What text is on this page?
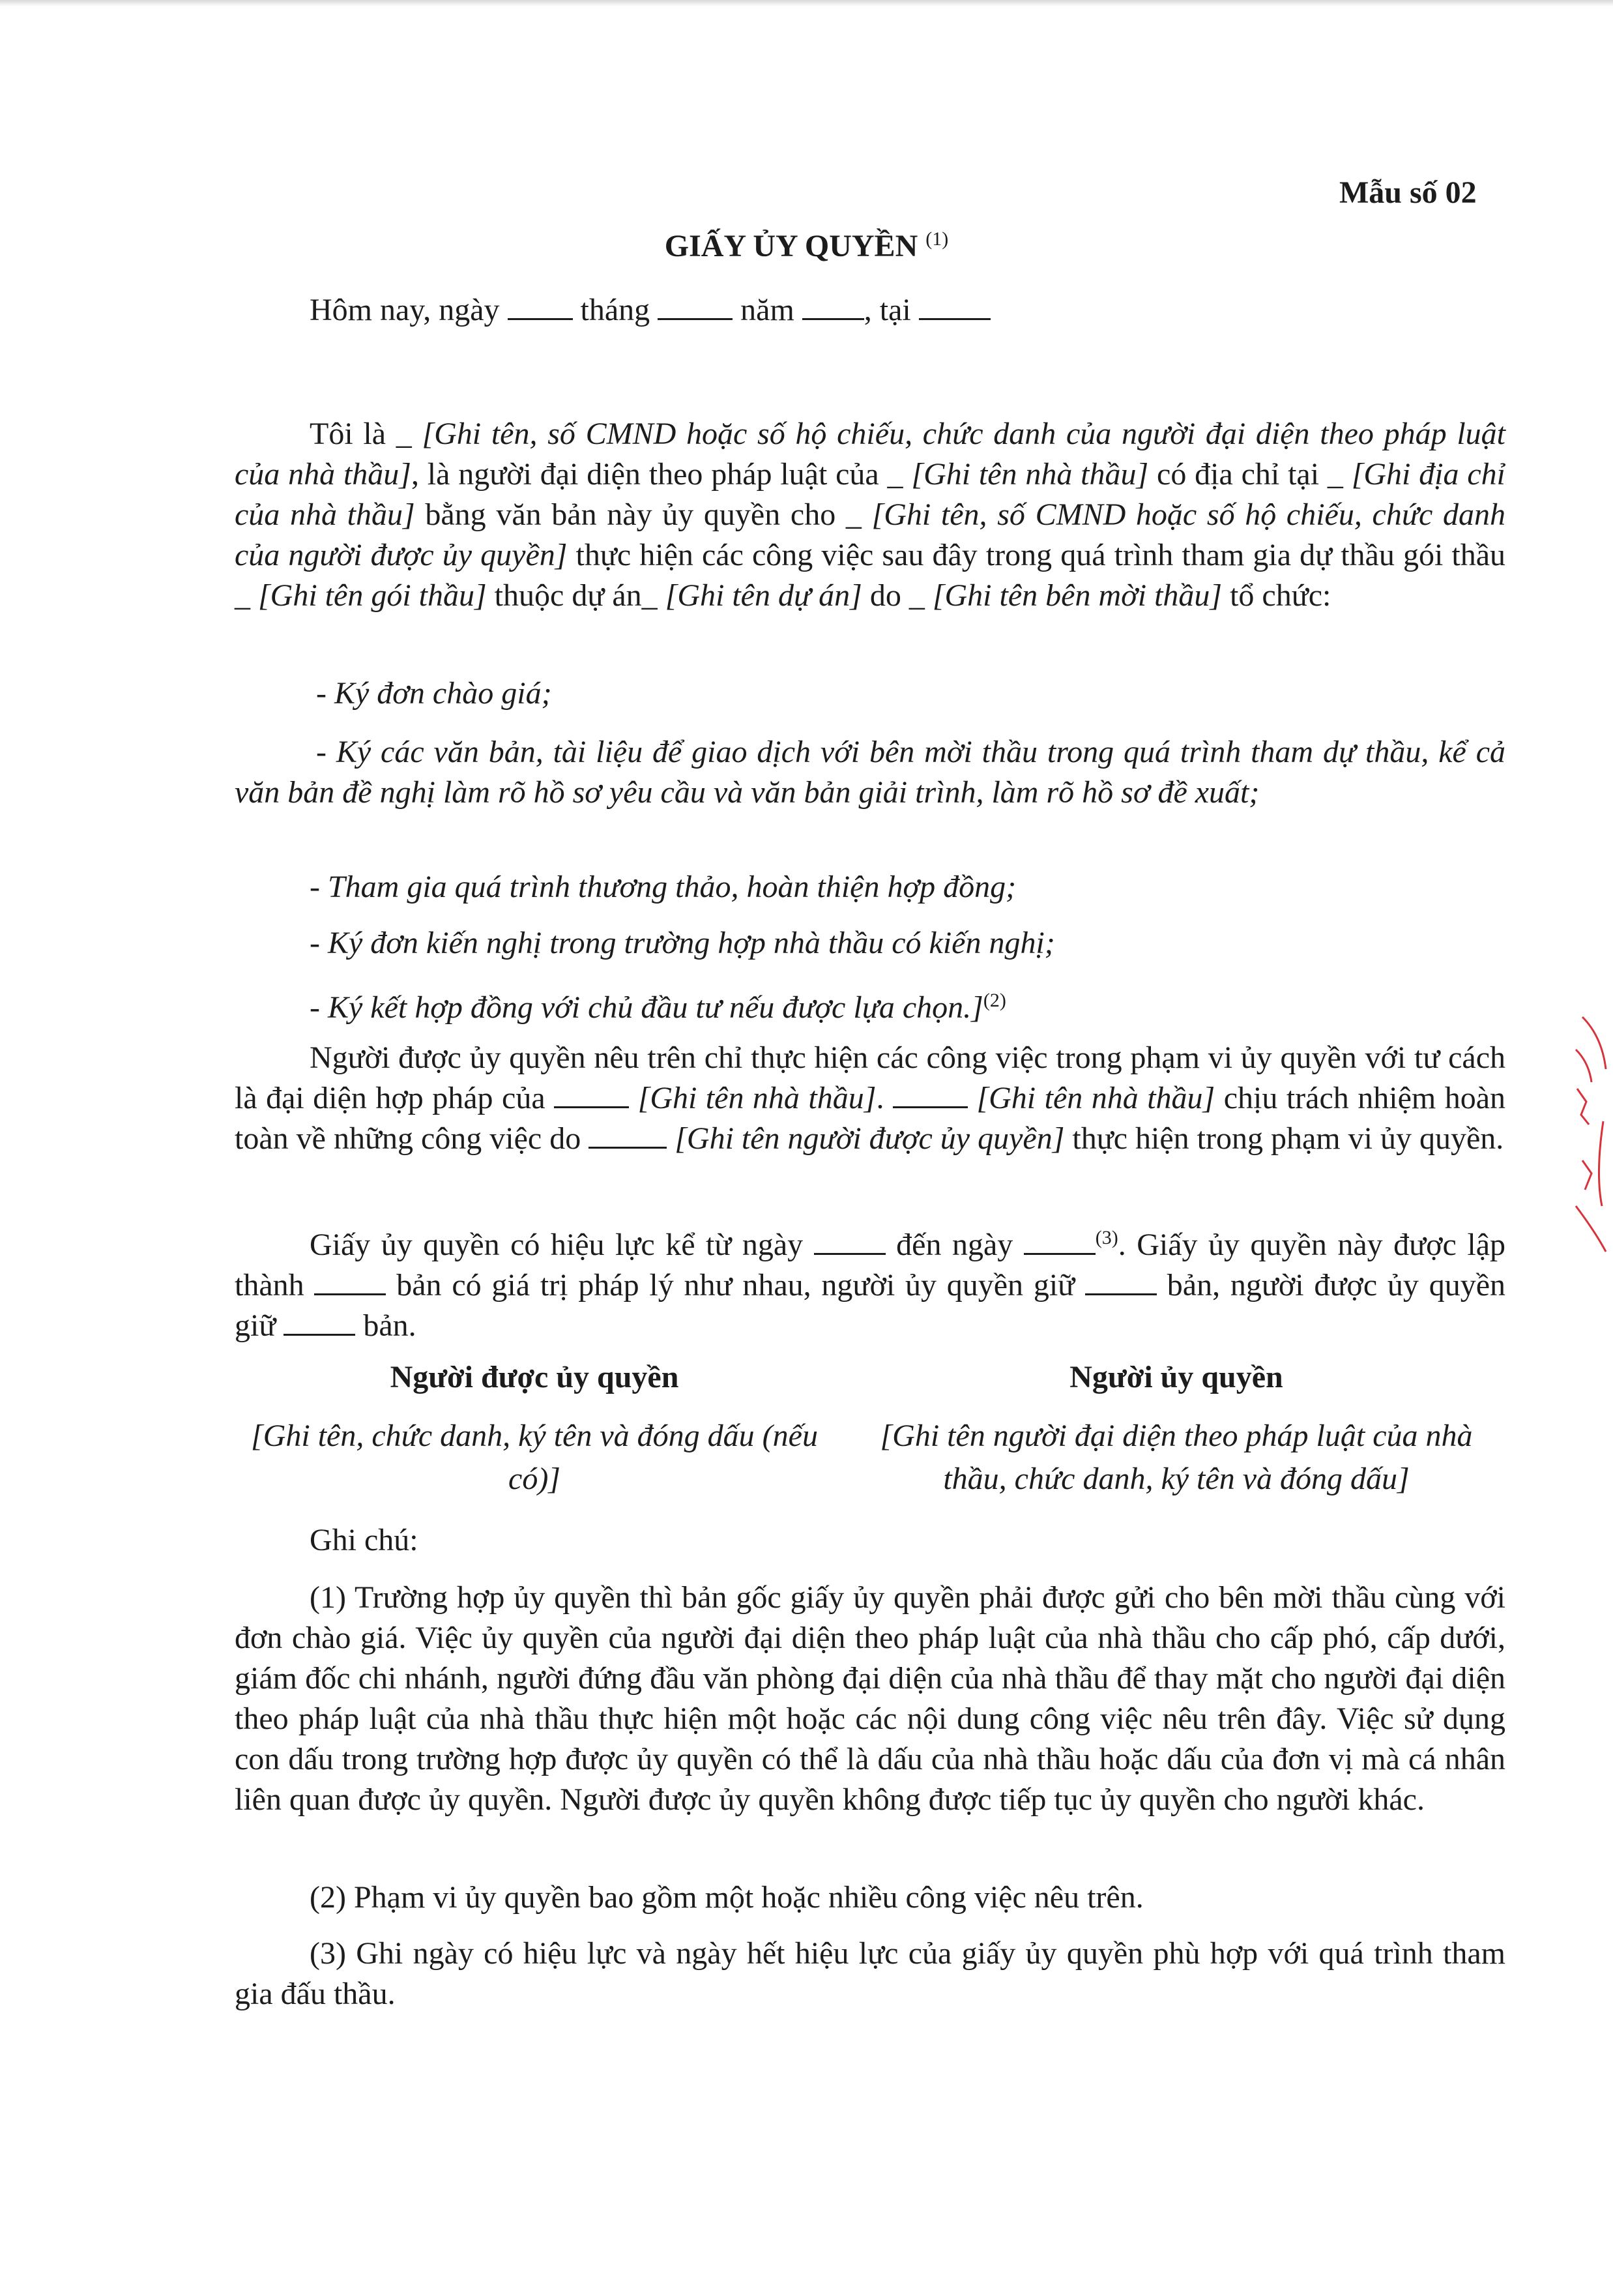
Mẫu số 02
GIẤY ỦY QUYỀN $^{(1)}$
Hôm nay, ngày	tháng	năm , tại
Tôi là _ [Ghi tên, số CMND hoặc số hộ chiếu, chức danh của người đại diện theo pháp luật của nhà thầu], là người đại diện theo pháp luật của _ [Ghi tên nhà thầu] có địa chỉ tại _ [Ghi địa chỉ của nhà thầu] bằng văn bản này ủy quyền cho _ [Ghi tên, số CMND hoặc số hộ chiếu, chức danh của người được ủy quyền] thực hiện các công việc sau đây trong quá trình tham gia dự thầu gói thầu _ [Ghi tên gói thầu] thuộc dự án_ [Ghi tên dự án] do _ [Ghi tên bên mời thầu] tổ chức:
- Ký đơn chào giá;
- Ký các văn bản, tài liệu để giao dịch với bên mời thầu trong quá trình tham dự thầu, kể cả văn bản đề nghị làm rõ hồ sơ yêu cầu và văn bản giải trình, làm rõ hồ sơ đề xuất;
- Tham gia quá trình thương thảo, hoàn thiện hợp đồng;
- Ký đơn kiến nghị trong trường hợp nhà thầu có kiến nghị;
- Ký kết hợp đồng với chủ đầu tư nếu được lựa chọn.]$^{(2)}$
Người được ủy quyền nêu trên chỉ thực hiện các công việc trong phạm vi ủy quyền với tư cách là đại diện hợp pháp của	[Ghi tên nhà thầu].	[Ghi tên nhà thầu] chịu trách nhiệm hoàn toàn về những công việc do	[Ghi tên người được ủy quyền] thực hiện trong phạm vi ủy quyền.
Giấy ủy quyền có hiệu lực kể từ ngày  đến ngày	$^{(3)}$. Giấy ủy quyền này được lập thành  bản có giá trị pháp lý như nhau, người ủy quyền giữ  bản, người được ủy quyền giữ  bản.
Người được ủy quyền
[Ghi tên, chức danh, ký tên và đóng dấu (nếu có)]
Người ủy quyền
[Ghi tên người đại diện theo pháp luật của nhà thầu, chức danh, ký tên và đóng dấu]
Ghi chú:
(1) Trường hợp ủy quyền thì bản gốc giấy ủy quyền phải được gửi cho bên mời thầu cùng với đơn chào giá. Việc ủy quyền của người đại diện theo pháp luật của nhà thầu cho cấp phó, cấp dưới, giám đốc chi nhánh, người đứng đầu văn phòng đại diện của nhà thầu để thay mặt cho người đại diện theo pháp luật của nhà thầu thực hiện một hoặc các nội dung công việc nêu trên đây. Việc sử dụng con dấu trong trường hợp được ủy quyền có thể là dấu của nhà thầu hoặc dấu của đơn vị mà cá nhân liên quan được ủy quyền. Người được ủy quyền không được tiếp tục ủy quyền cho người khác.
(2) Phạm vi ủy quyền bao gồm một hoặc nhiều công việc nêu trên.
(3) Ghi ngày có hiệu lực và ngày hết hiệu lực của giấy ủy quyền phù hợp với quá trình tham gia đấu thầu.
